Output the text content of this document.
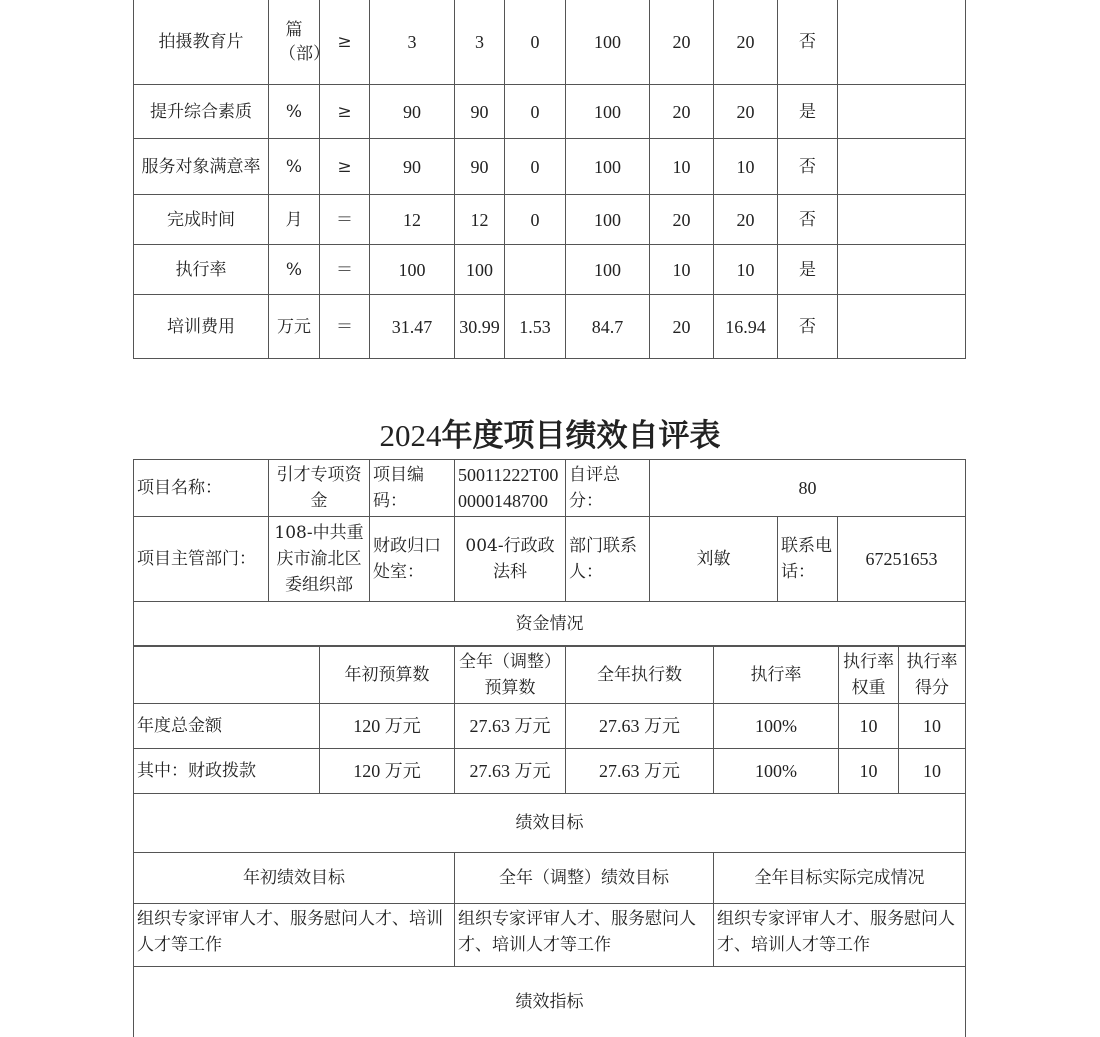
拍摄教育片	篇（部）	≥	3	3	0	100	20	20	否	
提升综合素质	%	≥	90	90	0	100	20	20	是	
服务对象满意率	%	≥	90	90	0	100	10	10	否	
完成时间	月	＝	12	12	0	100	20	20	否	
执行率	%	＝	100	100		100	10	10	是	
培训费用	万元	＝	31.47	30.99	1.53	84.7	20	16.94	否	
2024年度项目绩效自评表
项目名称：	引才专项资金	项目编码：	50011222T000000148700	自评总分：	80		
项目主管部门：	108-中共重庆市渝北区委组织部	财政归口处室：	004-行政政法科	部门联系人：	刘敏	联系电话：	67251653
资金情况							

	年初预算数	全年（调整）预算数	全年执行数	执行率	执行率权重	执行率得分
年度总金额	120 万元	27.63 万元	27.63 万元	100%	10	10
其中：财政拨款	120 万元	27.63 万元	27.63 万元	100%	10	10
绩效目标						
年初绩效目标	全年（调整）绩效目标	全年目标实际完成情况
组织专家评审人才、服务慰问人才、培训人才等工作	组织专家评审人才、服务慰问人才、培训人才等工作	组织专家评审人才、服务慰问人才、培训人才等工作
绩效指标		
